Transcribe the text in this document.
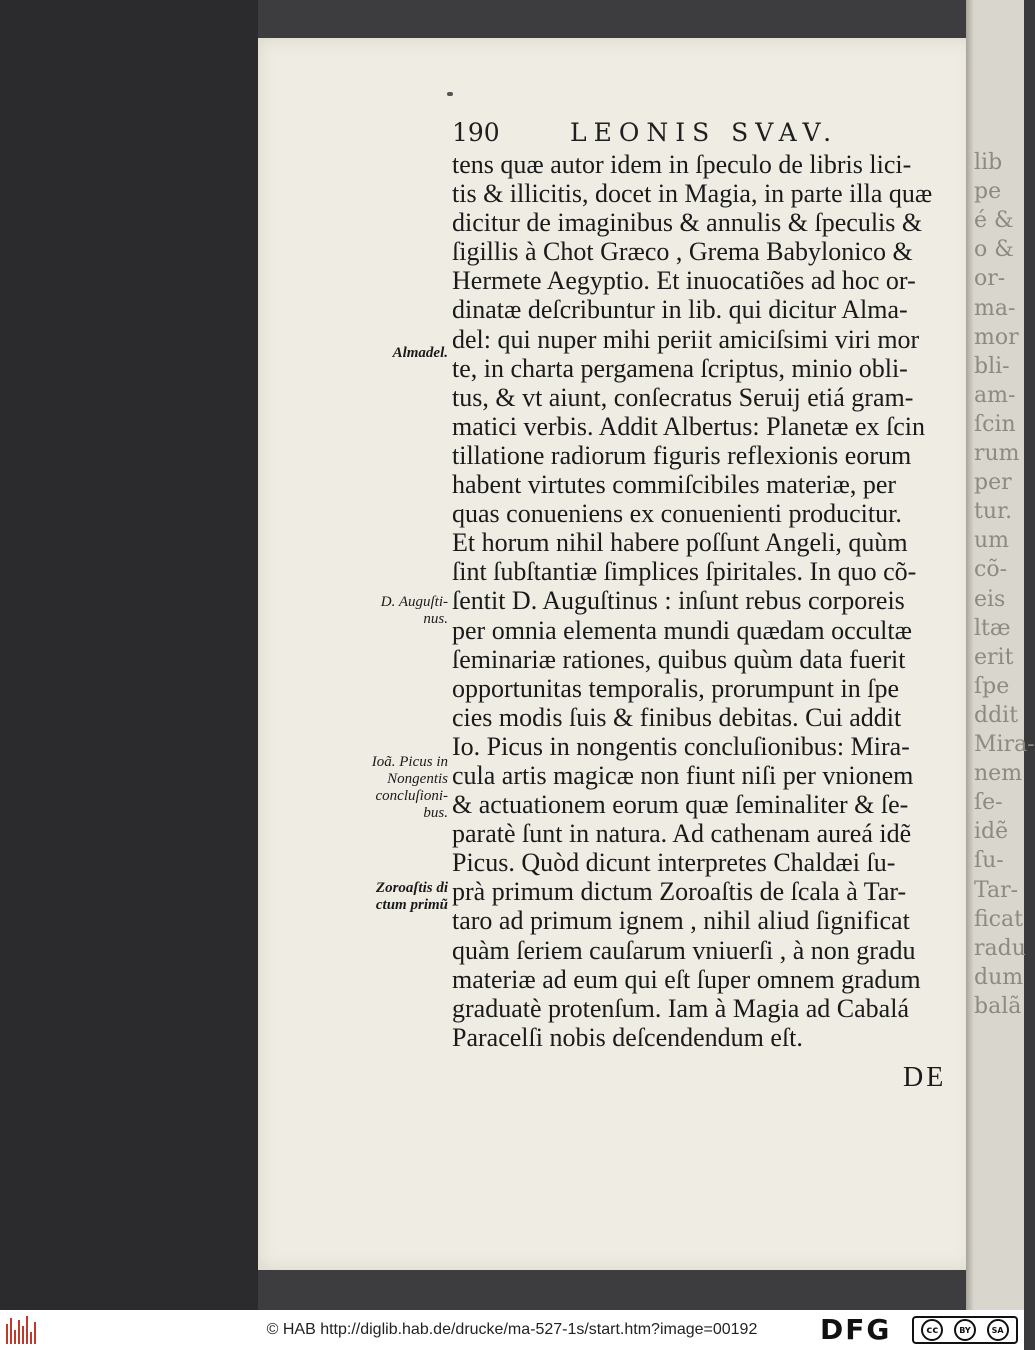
lib
pe
é &
o &
or-
ma-
mor
bli-
am-
ſcin
rum
per
tur.
um
cõ-
eis
ltæ
erit
ſpe
ddit
Mira-
nem
ſe-
idẽ
ſu-
Tar-
ficat
radu
dum
balã
190	LEONIS SVAV.
tens quæ autor idem in ſpeculo de libris lici-
tis & illicitis, docet in Magia, in parte illa quæ
dicitur de imaginibus & annulis & ſpeculis &
ſigillis à Chot Græco , Grema Babylonico &
Hermete Aegyptio. Et inuocatiões ad hoc or-
dinatæ deſcribuntur in lib. qui dicitur Alma-
del: qui nuper mihi periit amiciſsimi viri mor
te, in charta pergamena ſcriptus, minio obli-
tus, & vt aiunt, conſecratus Seruij etiá gram-
matici verbis. Addit Albertus: Planetæ ex ſcin
tillatione radiorum figuris reflexionis eorum
habent virtutes commiſcibiles materiæ, per
quas conueniens ex conuenienti producitur.
Et horum nihil habere poſſunt Angeli, quùm
ſint ſubſtantiæ ſimplices ſpiritales. In quo cõ-
ſentit D. Auguſtinus : inſunt rebus corporeis
per omnia elementa mundi quædam occultæ
ſeminariæ rationes, quibus quùm data fuerit
opportunitas temporalis, prorumpunt in ſpe
cies modis ſuis & finibus debitas. Cui addit
Io. Picus in nongentis concluſionibus: Mira-
cula artis magicæ non fiunt niſi per vnionem
& actuationem eorum quæ ſeminaliter & ſe-
paratè ſunt in natura. Ad cathenam aureá idẽ
Picus. Quòd dicunt interpretes Chaldæi ſu-
prà primum dictum Zoroaſtis de ſcala à Tar-
taro ad primum ignem , nihil aliud ſignificat
quàm ſeriem cauſarum vniuerſi , à non gradu
materiæ ad eum qui eſt ſuper omnem gradum
graduatè protenſum. Iam à Magia ad Cabalá
Paracelſi nobis deſcendendum eſt.
Almadel.
D. Auguſti-
nus.
Ioã. Picus in
Nongentis
concluſioni-
bus.
Zoroaſtis di
ctum primũ
DE
© HAB http://diglib.hab.de/drucke/ma-527-1s/start.htm?image=00192	DFG	cc	BY	SA
